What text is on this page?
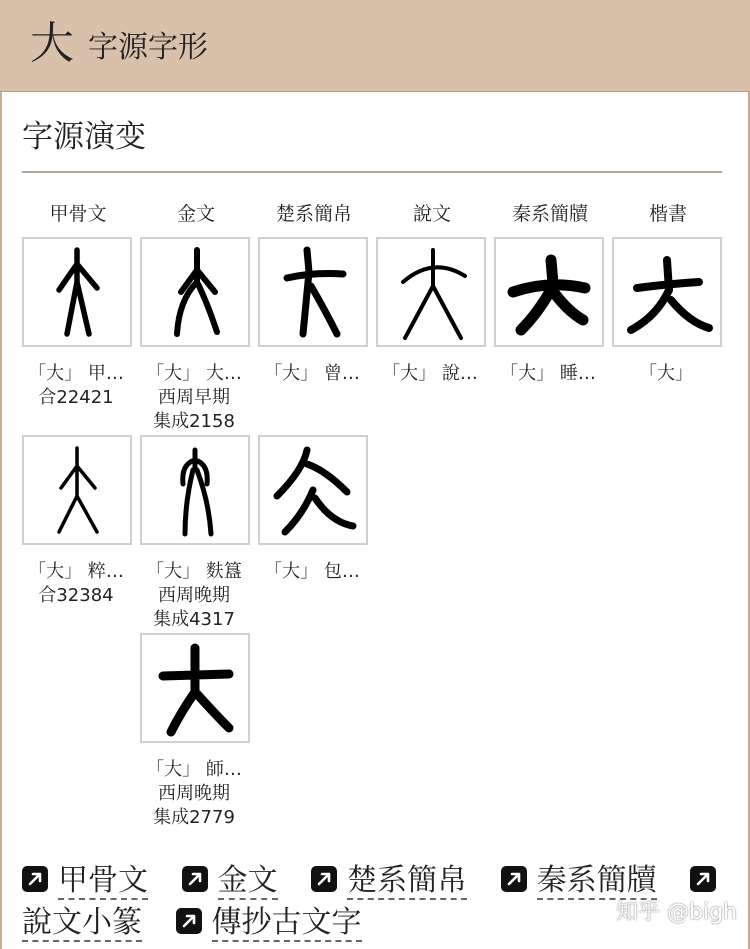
大 字源字形
字源演变
甲骨文	金文	楚系簡帛	說文	秦系簡牘	楷書
「大」 甲…
合22421
「大」 大…
西周早期
集成2158
「大」 曾…	「大」 說…	「大」 睡…	「大」
「大」 粹…
合32384
「大」 麩簋
西周晚期
集成4317
「大」 包…
「大」 師…
西周晚期
集成2779
甲骨文 金文 楚系簡帛 秦系簡牘
說文小篆 傳抄古文字	知乎 @bigh
